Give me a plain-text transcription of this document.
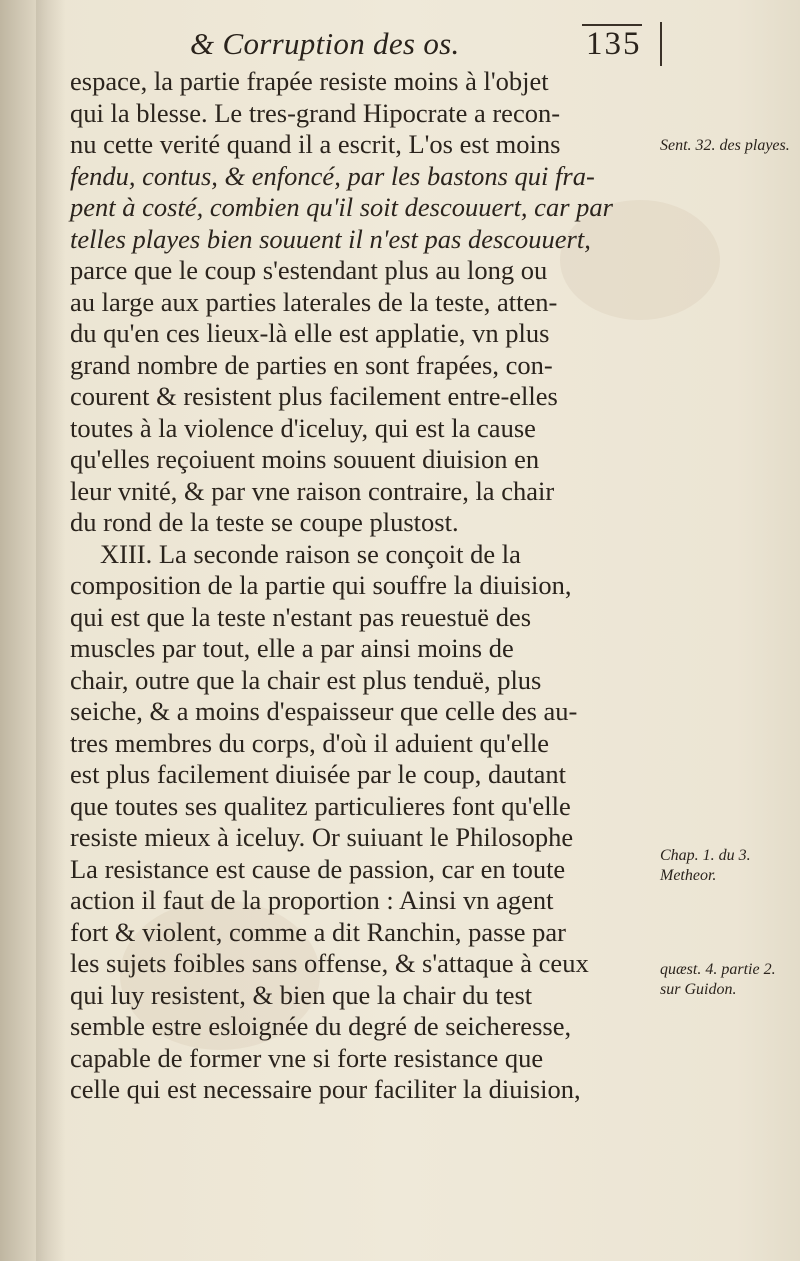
& Corruption des os.	135
espace, la partie frapée resiste moins à l'objet
qui la blesse. Le tres-grand Hipocrate a recon-
nu cette verité quand il a escrit, L'os est moins
fendu, contus, & enfoncé, par les bastons qui fra-
pent à costé, combien qu'il soit descouuert, car par
telles playes bien souuent il n'est pas descouuert,
parce que le coup s'estendant plus au long ou
au large aux parties laterales de la teste, atten-
du qu'en ces lieux-là elle est applatie, vn plus
grand nombre de parties en sont frapées, con-
courent & resistent plus facilement entre-elles
toutes à la violence d'iceluy, qui est la cause
qu'elles reçoiuent moins souuent diuision en
leur vnité, & par vne raison contraire, la chair
du rond de la teste se coupe plustost.
XIII. La seconde raison se conçoit de la
composition de la partie qui souffre la diuision,
qui est que la teste n'estant pas reuestuë des
muscles par tout, elle a par ainsi moins de
chair, outre que la chair est plus tenduë, plus
seiche, & a moins d'espaisseur que celle des au-
tres membres du corps, d'où il aduient qu'elle
est plus facilement diuisée par le coup, dautant
que toutes ses qualitez particulieres font qu'elle
resiste mieux à iceluy. Or suiuant le Philosophe
La resistance est cause de passion, car en toute
action il faut de la proportion : Ainsi vn agent
fort & violent, comme a dit Ranchin, passe par
les sujets foibles sans offense, & s'attaque à ceux
qui luy resistent, & bien que la chair du test
semble estre esloignée du degré de seicheresse,
capable de former vne si forte resistance que
celle qui est necessaire pour faciliter la diuision,
Sent. 32. des playes.
Chap. 1. du 3. Metheor.
quæst. 4. partie 2. sur Guidon.
